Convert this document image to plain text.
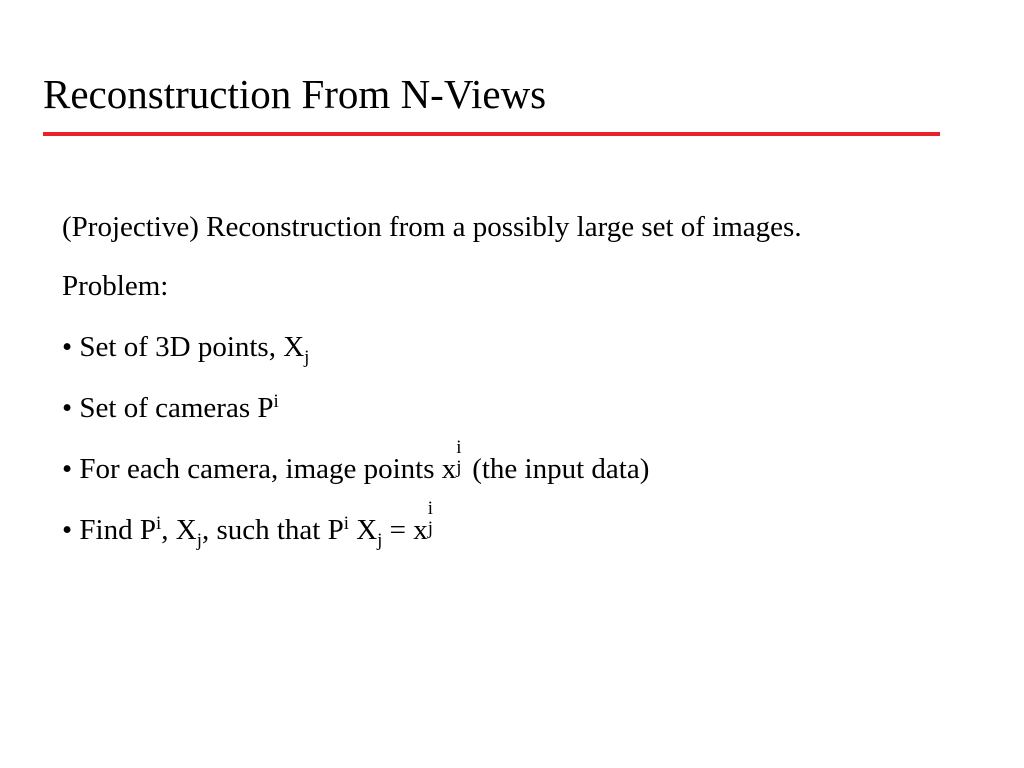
Reconstruction From N-Views

(Projective) Reconstruction from a possibly large set of images.

Problem:

• Set of 3D points, $X_j$

• Set of cameras $P^i$

• For each camera, image points x
i
j (the input data)

• Find $P^i$, $X_j$, such that $P^i$ $X_j = x$
i
j
